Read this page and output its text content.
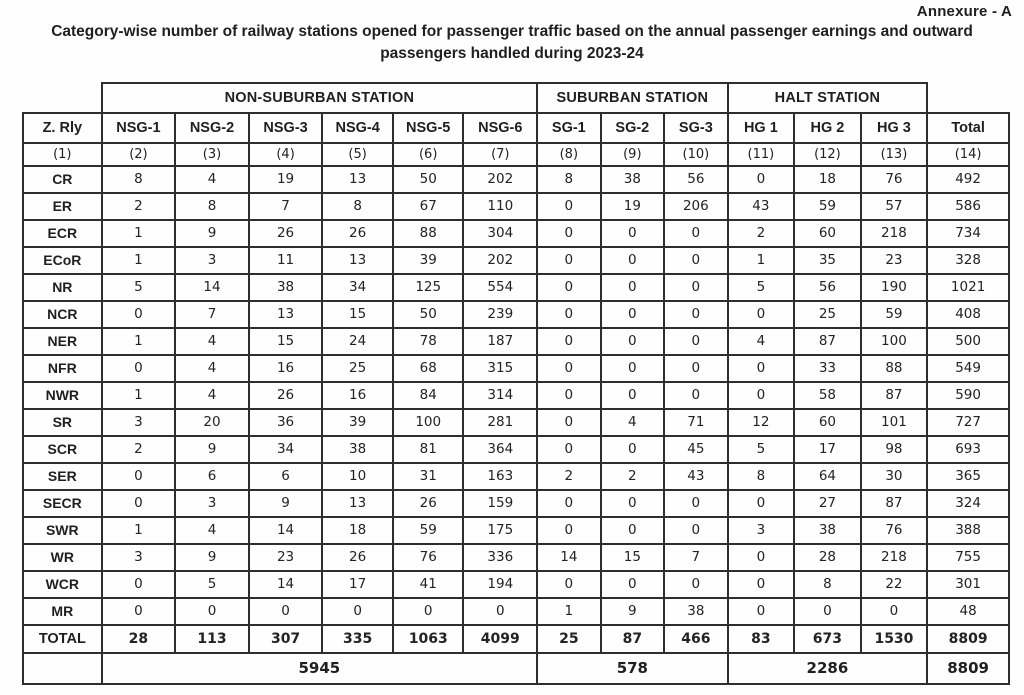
Annexure - A
Category-wise number of railway stations opened for passenger traffic based on the annual passenger earnings and outward
passengers handled during 2023-24
	NON-SUBURBAN STATION						SUBURBAN STATION			HALT STATION			
Z. Rly	NSG-1	NSG-2	NSG-3	NSG-4	NSG-5	NSG-6	SG-1	SG-2	SG-3	HG 1	HG 2	HG 3	Total
(1)	(2)	(3)	(4)	(5)	(6)	(7)	(8)	(9)	(10)	(11)	(12)	(13)	(14)
CR	8	4	19	13	50	202	8	38	56	0	18	76	492
ER	2	8	7	8	67	110	0	19	206	43	59	57	586
ECR	1	9	26	26	88	304	0	0	0	2	60	218	734
ECoR	1	3	11	13	39	202	0	0	0	1	35	23	328
NR	5	14	38	34	125	554	0	0	0	5	56	190	1021
NCR	0	7	13	15	50	239	0	0	0	0	25	59	408
NER	1	4	15	24	78	187	0	0	0	4	87	100	500
NFR	0	4	16	25	68	315	0	0	0	0	33	88	549
NWR	1	4	26	16	84	314	0	0	0	0	58	87	590
SR	3	20	36	39	100	281	0	4	71	12	60	101	727
SCR	2	9	34	38	81	364	0	0	45	5	17	98	693
SER	0	6	6	10	31	163	2	2	43	8	64	30	365
SECR	0	3	9	13	26	159	0	0	0	0	27	87	324
SWR	1	4	14	18	59	175	0	0	0	3	38	76	388
WR	3	9	23	26	76	336	14	15	7	0	28	218	755
WCR	0	5	14	17	41	194	0	0	0	0	8	22	301
MR	0	0	0	0	0	0	1	9	38	0	0	0	48
TOTAL	28	113	307	335	1063	4099	25	87	466	83	673	1530	8809
	5945						578			2286			8809
